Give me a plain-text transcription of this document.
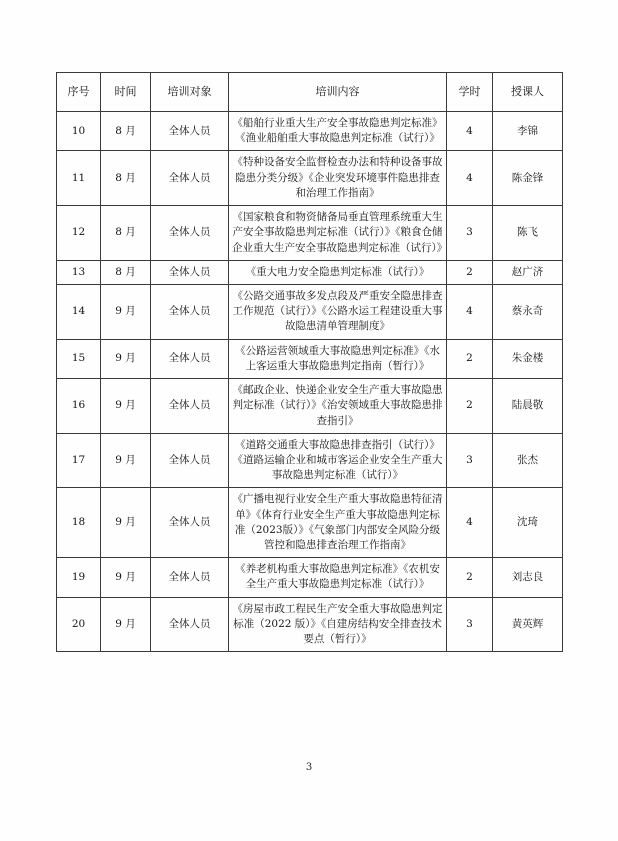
序号	时间	培训对象	培训内容	学时	授课人
10	8 月	全体人员	《船舶行业重大生产安全事故隐患判定标准》《渔业船舶重大事故隐患判定标准（试行）》	4	李锦
11	8 月	全体人员	《特种设备安全监督检查办法和特种设备事故隐患分类分级》《企业突发环境事件隐患排查和治理工作指南》	4	陈金锋
12	8 月	全体人员	《国家粮食和物资储备局垂直管理系统重大生产安全事故隐患判定标准（试行）》《粮食仓储企业重大生产安全事故隐患判定标准（试行）》	3	陈飞
13	8 月	全体人员	《重大电力安全隐患判定标准（试行）》	2	赵广济
14	9 月	全体人员	《公路交通事故多发点段及严重安全隐患排查工作规范（试行）》《公路水运工程建设重大事故隐患清单管理制度》	4	蔡永奇
15	9 月	全体人员	《公路运营领域重大事故隐患判定标准》《水上客运重大事故隐患判定指南（暂行）》	2	朱金楼
16	9 月	全体人员	《邮政企业、快递企业安全生产重大事故隐患判定标准（试行）》《治安领域重大事故隐患排查指引》	2	陆晨敬
17	9 月	全体人员	《道路交通重大事故隐患排查指引（试行）》《道路运输企业和城市客运企业安全生产重大事故隐患判定标准（试行）》	3	张杰
18	9 月	全体人员	《广播电视行业安全生产重大事故隐患特征清单》《体育行业安全生产重大事故隐患判定标准（2023版）》《气象部门内部安全风险分级管控和隐患排查治理工作指南》	4	沈琦
19	9 月	全体人员	《养老机构重大事故隐患判定标准》《农机安全生产重大事故隐患判定标准（试行）》	2	刘志良
20	9 月	全体人员	《房屋市政工程民生产安全重大事故隐患判定标准（2022 版）》《自建房结构安全排查技术要点（暂行）》	3	黄英辉
3
